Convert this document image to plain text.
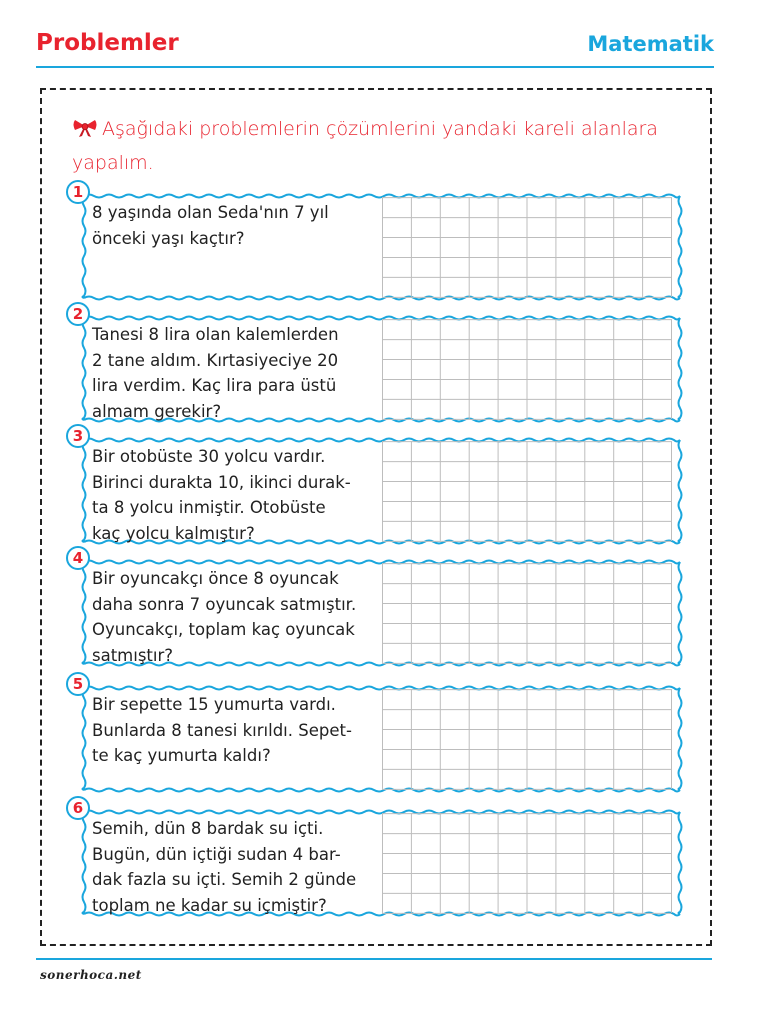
Problemler	Matematik
Aşağıdaki problemlerin çözümlerini yandaki kareli alanlara yapalım.
1
8 yaşında olan Seda'nın 7 yıl
önceki yaşı kaçtır?
2
Tanesi 8 lira olan kalemlerden
2 tane aldım. Kırtasiyeciye 20
lira verdim. Kaç lira para üstü
almam gerekir?
3
Bir otobüste 30 yolcu vardır.
Birinci durakta 10, ikinci durak-
ta 8 yolcu inmiştir. Otobüste
kaç yolcu kalmıştır?
4
Bir oyuncakçı önce 8 oyuncak
daha sonra 7 oyuncak satmıştır.
Oyuncakçı, toplam kaç oyuncak
satmıştır?
5
Bir sepette 15 yumurta vardı.
Bunlarda 8 tanesi kırıldı. Sepet-
te kaç yumurta kaldı?
6
Semih, dün 8 bardak su içti.
Bugün, dün içtiği sudan 4 bar-
dak fazla su içti. Semih 2 günde
toplam ne kadar su içmiştir?
sonerhoca.net
